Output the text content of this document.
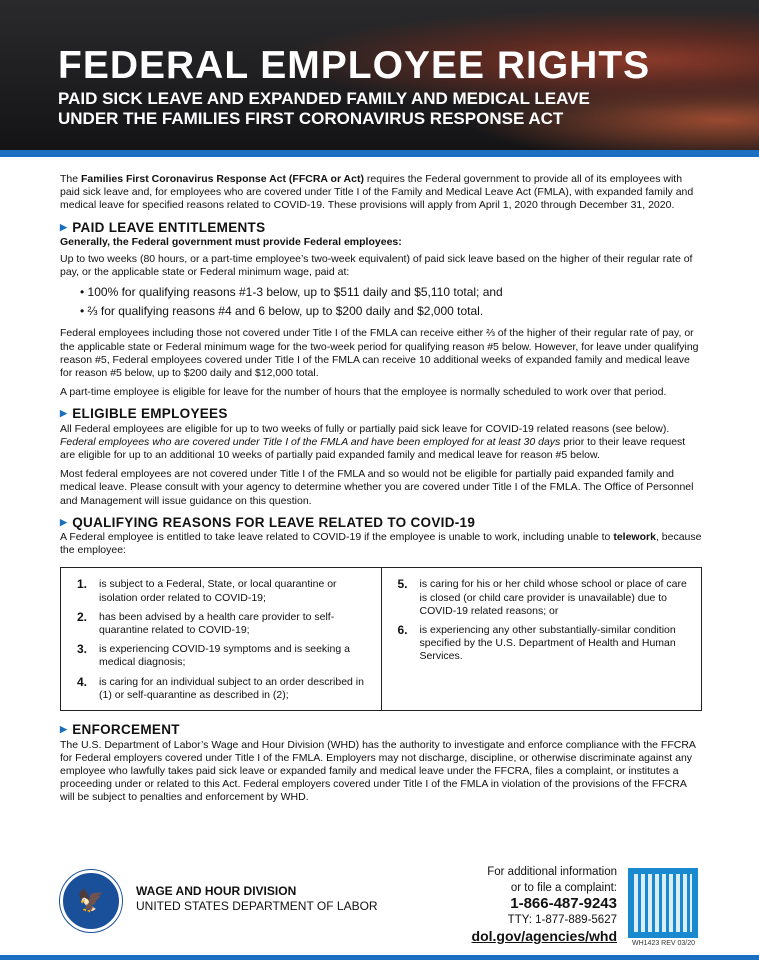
FEDERAL EMPLOYEE RIGHTS
PAID SICK LEAVE AND EXPANDED FAMILY AND MEDICAL LEAVE
UNDER THE FAMILIES FIRST CORONAVIRUS RESPONSE ACT

The Families First Coronavirus Response Act (FFCRA or Act) requires the Federal government to provide all of its employees with paid sick leave and, for employees who are covered under Title I of the Family and Medical Leave Act (FMLA), with expanded family and medical leave for specified reasons related to COVID-19. These provisions will apply from April 1, 2020 through December 31, 2020.

▶ PAID LEAVE ENTITLEMENTS

Generally, the Federal government must provide Federal employees:

Up to two weeks (80 hours, or a part-time employee’s two-week equivalent) of paid sick leave based on the higher of their regular rate of pay, or the applicable state or Federal minimum wage, paid at:

• 100% for qualifying reasons #1-3 below, up to $511 daily and $5,110 total; and
• ⅔ for qualifying reasons #4 and 6 below, up to $200 daily and $2,000 total.

Federal employees including those not covered under Title I of the FMLA can receive either ⅔ of the higher of their regular rate of pay, or the applicable state or Federal minimum wage for the two-week period for qualifying reason #5 below. However, for leave under qualifying reason #5, Federal employees covered under Title I of the FMLA can receive 10 additional weeks of expanded family and medical leave for reason #5 below, up to $200 daily and $12,000 total.

A part-time employee is eligible for leave for the number of hours that the employee is normally scheduled to work over that period.

▶ ELIGIBLE EMPLOYEES

All Federal employees are eligible for up to two weeks of fully or partially paid sick leave for COVID-19 related reasons (see below). Federal employees who are covered under Title I of the FMLA and have been employed for at least 30 days prior to their leave request are eligible for up to an additional 10 weeks of partially paid expanded family and medical leave for reason #5 below.

Most federal employees are not covered under Title I of the FMLA and so would not be eligible for partially paid expanded family and medical leave. Please consult with your agency to determine whether you are covered under Title I of the FMLA. The Office of Personnel and Management will issue guidance on this question.

▶ QUALIFYING REASONS FOR LEAVE RELATED TO COVID-19

A Federal employee is entitled to take leave related to COVID-19 if the employee is unable to work, including unable to telework, because the employee:

1.	is subject to a Federal, State, or local quarantine or isolation order related to COVID-19;
2.	has been advised by a health care provider to self-quarantine related to COVID-19;
3.	is experiencing COVID-19 symptoms and is seeking a medical diagnosis;
4.	is caring for an individual subject to an order described in (1) or self-quarantine as described in (2);
5.	is caring for his or her child whose school or place of care is closed (or child care provider is unavailable) due to COVID-19 related reasons; or
6.	is experiencing any other substantially-similar condition specified by the U.S. Department of Health and Human Services.
▶ ENFORCEMENT

The U.S. Department of Labor’s Wage and Hour Division (WHD) has the authority to investigate and enforce compliance with the FFCRA for Federal employers covered under Title I of the FMLA. Employers may not discharge, discipline, or otherwise discriminate against any employee who lawfully takes paid sick leave or expanded family and medical leave under the FFCRA, files a complaint, or institutes a proceeding under or related to this Act. Federal employers covered under Title I of the FMLA in violation of the provisions of the FFCRA will be subject to penalties and enforcement by WHD.

🦅	WAGE AND HOUR DIVISION
UNITED STATES DEPARTMENT OF LABOR
For additional information
or to file a complaint:
1-866-487-9243
TTY: 1-877-889-5627
dol.gov/agencies/whd WH1423 REV 03/20
